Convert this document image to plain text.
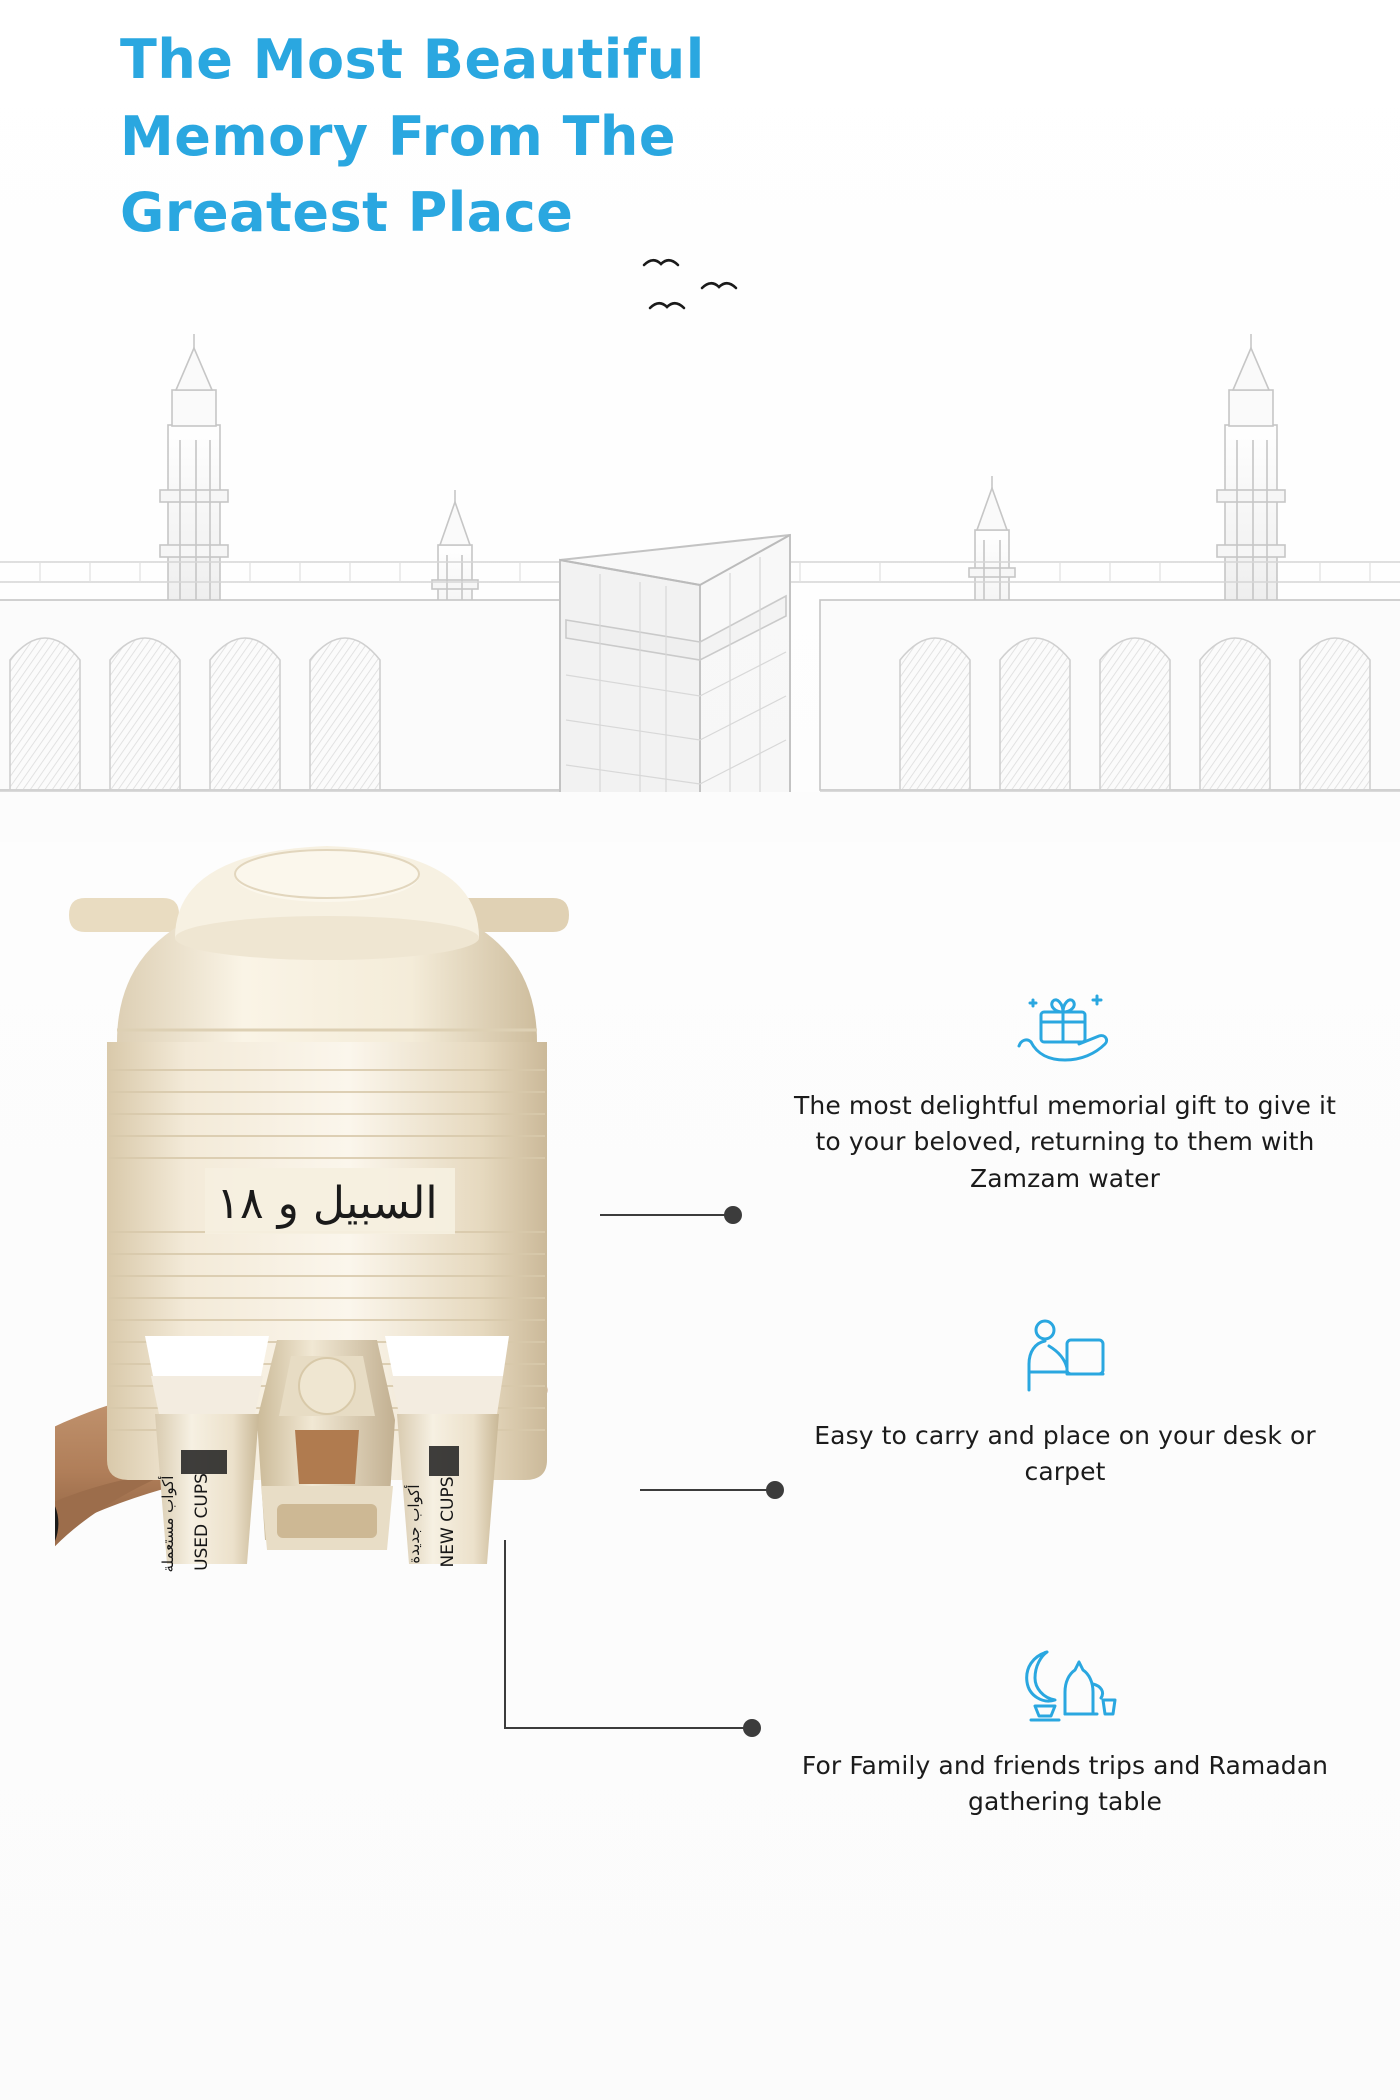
The Most Beautiful
Memory From The
Greatest Place
السبيل و ١٨
USED CUPS
أكواب مستعملة	NEW CUPS
أكواب جديدة
The most delightful memorial gift to give it to your beloved, returning to them with Zamzam water
Easy to carry and place on your desk or carpet
For Family and friends trips and Ramadan gathering table
